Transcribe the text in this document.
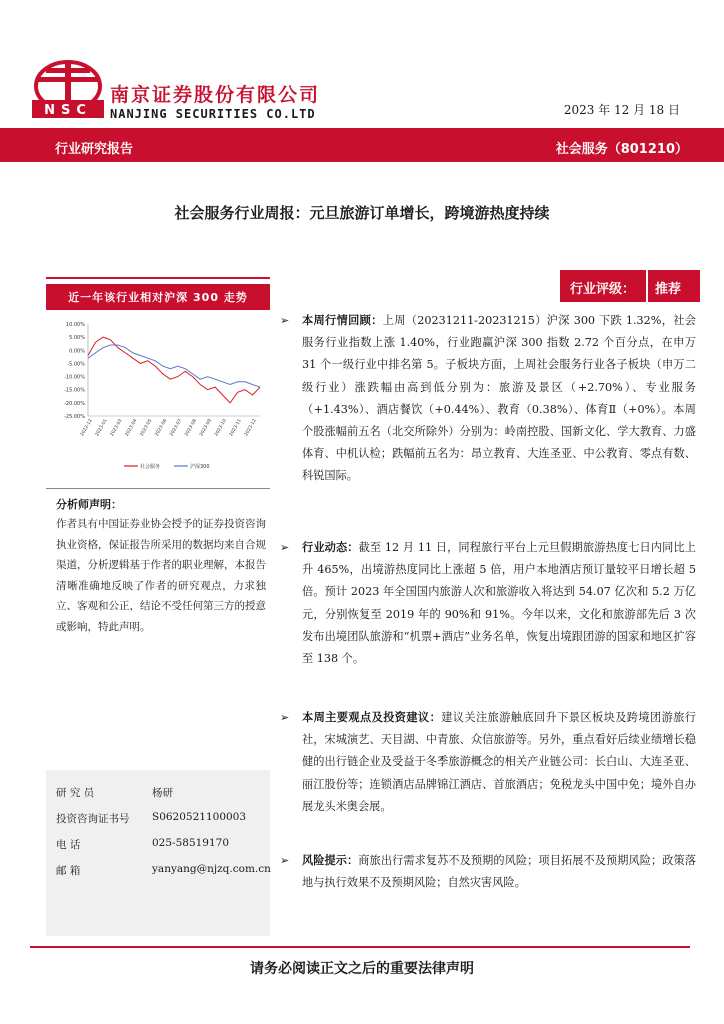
NSC
南京证券股份有限公司
NANJING SECURITIES CO.LTD	2023 年 12 月 18 日
行业研究报告	社会服务（801210）
社会服务行业周报：元旦旅游订单增长，跨境游热度持续
行业评级： 推荐
近一年该行业相对沪深 300 走势
10.00%
5.00%
0.00%
-5.00%
-10.00%
-15.00%
-20.00%
-25.00%
2022-12 2023-01 2023-03 2023-04 2023-05 2023-06 2023-07 2023-08 2023-09 2023-10 2023-11 2023-12
社会服务	沪深300
分析师声明：
作者具有中国证券业协会授予的证券投资咨询执业资格，保证报告所采用的数据均来自合规渠道，分析逻辑基于作者的职业理解，本报告清晰准确地反映了作者的研究观点，力求独立、客观和公正，结论不受任何第三方的授意或影响，特此声明。
研 究 员	杨研
投资咨询证书号	S0620521100003
电 话	025-58519170
邮 箱	yanyang@njzq.com.cn
➢	本周行情回顾：上周（20231211-20231215）沪深 300 下跌 1.32%，社会服务行业指数上涨 1.40%，行业跑赢沪深 300 指数 2.72 个百分点，在申万 31 个一级行业中排名第 5。子板块方面，上周社会服务行业各子板块（申万二级行业）涨跌幅由高到低分别为：旅游及景区（+2.70%）、专业服务（+1.43%）、酒店餐饮（+0.44%）、教育（0.38%）、体育Ⅱ（+0%）。本周个股涨幅前五名（北交所除外）分别为：岭南控股、国新文化、学大教育、力盛体育、中机认检；跌幅前五名为：昂立教育、大连圣亚、中公教育、零点有数、科锐国际。
➢	行业动态：截至 12 月 11 日，同程旅行平台上元旦假期旅游热度七日内同比上升 465%，出境游热度同比上涨超 5 倍，用户本地酒店预订量较平日增长超 5 倍。预计 2023 年全国国内旅游人次和旅游收入将达到 54.07 亿次和 5.2 万亿元，分别恢复至 2019 年的 90%和 91%。今年以来，文化和旅游部先后 3 次发布出境团队旅游和“机票+酒店”业务名单，恢复出境跟团游的国家和地区扩容至 138 个。
➢	本周主要观点及投资建议：建议关注旅游触底回升下景区板块及跨境团游旅行社，宋城演艺、天目湖、中青旅、众信旅游等。另外，重点看好后续业绩增长稳健的出行链企业及受益于冬季旅游概念的相关产业链公司：长白山、大连圣亚、丽江股份等；连锁酒店品牌锦江酒店、首旅酒店；免税龙头中国中免；境外自办展龙头米奥会展。
➢	风险提示：商旅出行需求复苏不及预期的风险；项目拓展不及预期风险；政策落地与执行效果不及预期风险；自然灾害风险。
请务必阅读正文之后的重要法律声明
